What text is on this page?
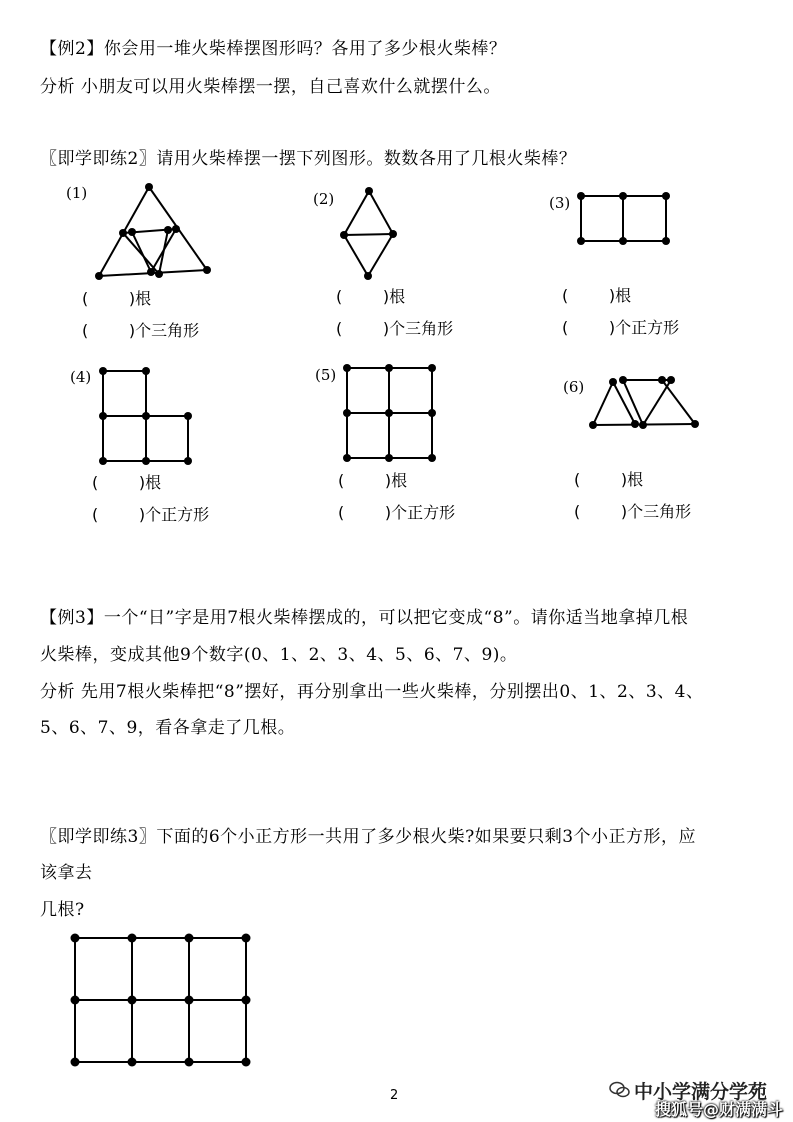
【例2】你会用一堆火柴棒摆图形吗？各用了多少根火柴棒？
分析 小朋友可以用火柴棒摆一摆，自己喜欢什么就摆什么。
〖即学即练2〗请用火柴棒摆一摆下列图形。数数各用了几根火柴棒？
(1)
(        )根
(        )个三角形
(2)
(        )根
(        )个三角形
(3)
(        )根
(        )个正方形
(4)
(        )根
(        )个正方形
(5)
(        )根
(        )个正方形
(6)
(        )根
(        )个三角形
【例3】一个“日”字是用7根火柴棒摆成的，可以把它变成“8”。请你适当地拿掉几根
火柴棒，变成其他9个数字(0、1、2、3、4、5、6、7、9)。
分析 先用7根火柴棒把“8”摆好，再分别拿出一些火柴棒，分别摆出0、1、2、3、4、
5、6、7、9，看各拿走了几根。
〖即学即练3〗下面的6个小正方形一共用了多少根火柴?如果要只剩3个小正方形，应
该拿去
几根?
2	中小学满分学苑
搜狐号@财满满斗
